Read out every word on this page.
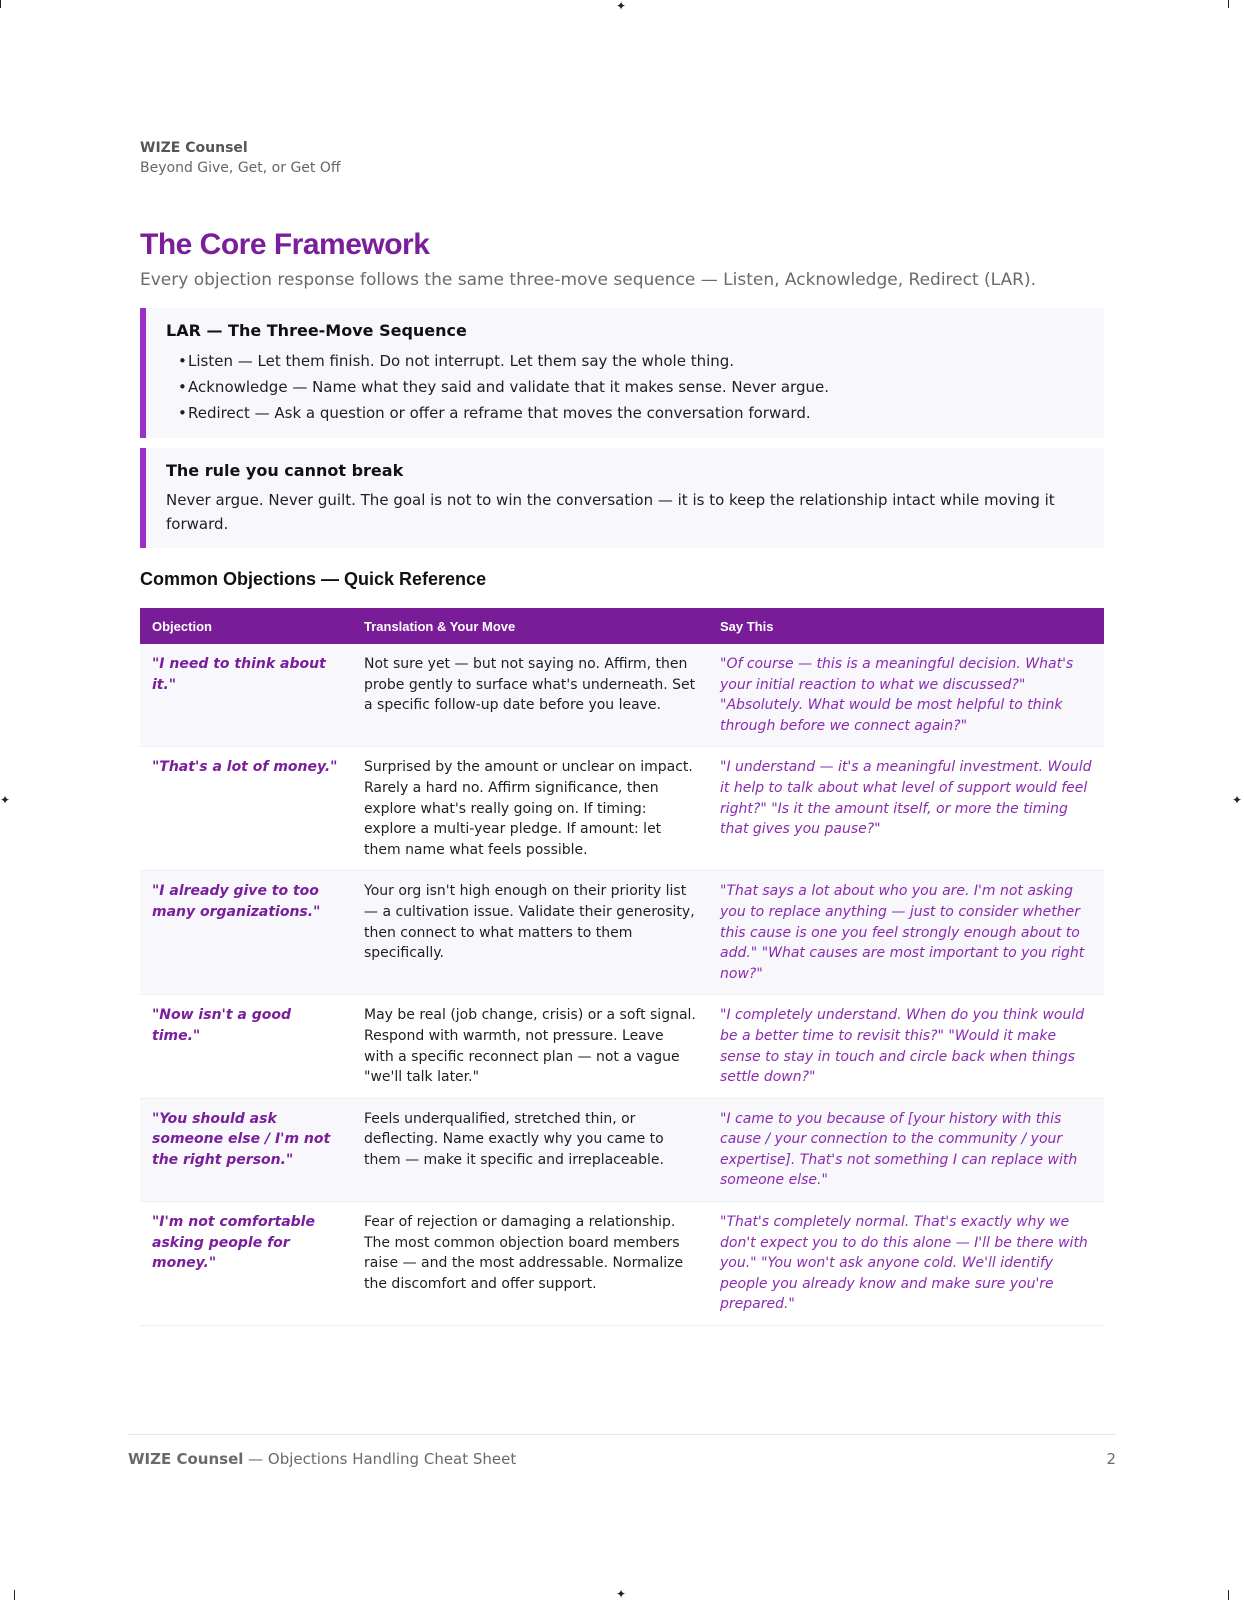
✦
✦
✦	✦
WIZE Counsel
Beyond Give, Get, or Get Off
The Core Framework
Every objection response follows the same three-move sequence — Listen, Acknowledge, Redirect (LAR).
LAR — The Three-Move Sequence
•Listen — Let them finish. Do not interrupt. Let them say the whole thing.
•Acknowledge — Name what they said and validate that it makes sense. Never argue.
•Redirect — Ask a question or offer a reframe that moves the conversation forward.
The rule you cannot break

Never argue. Never guilt. The goal is not to win the conversation — it is to keep the relationship intact while moving it forward.

Common Objections — Quick Reference
Objection	Translation & Your Move	Say This
"I need to think about it."	Not sure yet — but not saying no. Affirm, then probe gently to surface what's underneath. Set a specific follow-up date before you leave.	"Of course — this is a meaningful decision. What's your initial reaction to what we discussed?" "Absolutely. What would be most helpful to think through before we connect again?"
"That's a lot of money."	Surprised by the amount or unclear on impact. Rarely a hard no. Affirm significance, then explore what's really going on. If timing: explore a multi-year pledge. If amount: let them name what feels possible.	"I understand — it's a meaningful investment. Would it help to talk about what level of support would feel right?" "Is it the amount itself, or more the timing that gives you pause?"
"I already give to too many organizations."	Your org isn't high enough on their priority list — a cultivation issue. Validate their generosity, then connect to what matters to them specifically.	"That says a lot about who you are. I'm not asking you to replace anything — just to consider whether this cause is one you feel strongly enough about to add." "What causes are most important to you right now?"
"Now isn't a good time."	May be real (job change, crisis) or a soft signal. Respond with warmth, not pressure. Leave with a specific reconnect plan — not a vague "we'll talk later."	"I completely understand. When do you think would be a better time to revisit this?" "Would it make sense to stay in touch and circle back when things settle down?"
"You should ask someone else / I'm not the right person."	Feels underqualified, stretched thin, or deflecting. Name exactly why you came to them — make it specific and irreplaceable.	"I came to you because of [your history with this cause / your connection to the community / your expertise]. That's not something I can replace with someone else."
"I'm not comfortable asking people for money."	Fear of rejection or damaging a relationship. The most common objection board members raise — and the most addressable. Normalize the discomfort and offer support.	"That's completely normal. That's exactly why we don't expect you to do this alone — I'll be there with you." "You won't ask anyone cold. We'll identify people you already know and make sure you're prepared."
WIZE Counsel — Objections Handling Cheat Sheet	2
